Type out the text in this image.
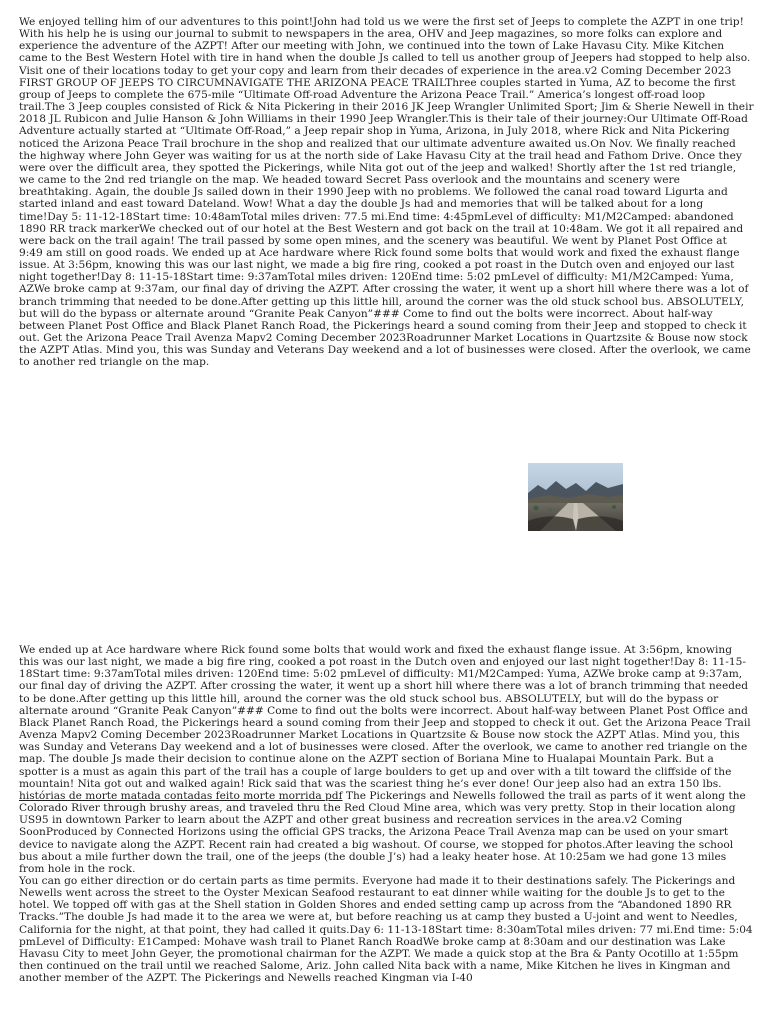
We enjoyed telling him of our adventures to this point!John had told us we were the first set of Jeeps to complete the AZPT in one trip! With his help he is using our journal to submit to newspapers in the area, OHV and Jeep magazines, so more folks can explore and experience the adventure of the AZPT! After our meeting with John, we continued into the town of Lake Havasu City. Mike Kitchen came to the Best Western Hotel with tire in hand when the double Js called to tell us another group of Jeepers had stopped to help also. Visit one of their locations today to get your copy and learn from their decades of experience in the area.v2 Coming December 2023 FIRST GROUP OF JEEPS TO CIRCUMNAVIGATE THE ARIZONA PEACE TRAILThree couples started in Yuma, AZ to become the first group of Jeeps to complete the 675-mile “Ultimate Off-road Adventure the Arizona Peace Trail.” America’s longest off-road loop trail.The 3 Jeep couples consisted of Rick & Nita Pickering in their 2016 JK Jeep Wrangler Unlimited Sport; Jim & Sherie Newell in their 2018 JL Rubicon and Julie Hanson & John Williams in their 1990 Jeep Wrangler.This is their tale of their journey:Our Ultimate Off-Road Adventure actually started at “Ultimate Off-Road,” a Jeep repair shop in Yuma, Arizona, in July 2018, where Rick and Nita Pickering noticed the Arizona Peace Trail brochure in the shop and realized that our ultimate adventure awaited us.On Nov. We finally reached the highway where John Geyer was waiting for us at the north side of Lake Havasu City at the trail head and Fathom Drive. Once they were over the difficult area, they spotted the Pickerings, while Nita got out of the jeep and walked! Shortly after the 1st red triangle, we came to the 2nd red triangle on the map. We headed toward Secret Pass overlook and the mountains and scenery were breathtaking. Again, the double Js sailed down in their 1990 Jeep with no problems. We followed the canal road toward Ligurta and started inland and east toward Dateland. Wow! What a day the double Js had and memories that will be talked about for a long time!Day 5: 11-12-18Start time: 10:48amTotal miles driven: 77.5 mi.End time: 4:45pmLevel of difficulty: M1/M2Camped: abandoned 1890 RR track markerWe checked out of our hotel at the Best Western and got back on the trail at 10:48am. We got it all repaired and were back on the trail again! The trail passed by some open mines, and the scenery was beautiful. We went by Planet Post Office at 9:49 am still on good roads. We ended up at Ace hardware where Rick found some bolts that would work and fixed the exhaust flange issue. At 3:56pm, knowing this was our last night, we made a big fire ring, cooked a pot roast in the Dutch oven and enjoyed our last night together!Day 8: 11-15-18Start time: 9:37amTotal miles driven: 120End time: 5:02 pmLevel of difficulty: M1/M2Camped: Yuma, AZWe broke camp at 9:37am, our final day of driving the AZPT. After crossing the water, it went up a short hill where there was a lot of branch trimming that needed to be done.After getting up this little hill, around the corner was the old stuck school bus. ABSOLUTELY, but will do the bypass or alternate around “Granite Peak Canyon”### Come to find out the bolts were incorrect. About half-way between Planet Post Office and Black Planet Ranch Road, the Pickerings heard a sound coming from their Jeep and stopped to check it out. Get the Arizona Peace Trail Avenza Mapv2 Coming December 2023Roadrunner Market Locations in Quartzsite & Bouse now stock the AZPT Atlas. Mind you, this was Sunday and Veterans Day weekend and a lot of businesses were closed. After the overlook, we came to another red triangle on the map.

We ended up at Ace hardware where Rick found some bolts that would work and fixed the exhaust flange issue. At 3:56pm, knowing this was our last night, we made a big fire ring, cooked a pot roast in the Dutch oven and enjoyed our last night together!Day 8: 11-15-18Start time: 9:37amTotal miles driven: 120End time: 5:02 pmLevel of difficulty: M1/M2Camped: Yuma, AZWe broke camp at 9:37am, our final day of driving the AZPT. After crossing the water, it went up a short hill where there was a lot of branch trimming that needed to be done.After getting up this little hill, around the corner was the old stuck school bus. ABSOLUTELY, but will do the bypass or alternate around “Granite Peak Canyon”### Come to find out the bolts were incorrect. About half-way between Planet Post Office and Black Planet Ranch Road, the Pickerings heard a sound coming from their Jeep and stopped to check it out. Get the Arizona Peace Trail Avenza Mapv2 Coming December 2023Roadrunner Market Locations in Quartzsite & Bouse now stock the AZPT Atlas. Mind you, this was Sunday and Veterans Day weekend and a lot of businesses were closed. After the overlook, we came to another red triangle on the map. The double Js made their decision to continue alone on the AZPT section of Boriana Mine to Hualapai Mountain Park. But a spotter is a must as again this part of the trail has a couple of large boulders to get up and over with a tilt toward the cliffside of the mountain! Nita got out and walked again! Rick said that was the scariest thing he’s ever done! Our jeep also had an extra 150 lbs. histórias de morte matada contadas feito morte morrida pdf The Pickerings and Newells followed the trail as parts of it went along the Colorado River through brushy areas, and traveled thru the Red Cloud Mine area, which was very pretty. Stop in their location along US95 in downtown Parker to learn about the AZPT and other great business and recreation services in the area.v2 Coming SoonProduced by Connected Horizons using the official GPS tracks, the Arizona Peace Trail Avenza map can be used on your smart device to navigate along the AZPT. Recent rain had created a big washout. Of course, we stopped for photos.After leaving the school bus about a mile further down the trail, one of the jeeps (the double J’s) had a leaky heater hose. At 10:25am we had gone 13 miles from hole in the rock.
You can go either direction or do certain parts as time permits. Everyone had made it to their destinations safely. The Pickerings and Newells went across the street to the Oyster Mexican Seafood restaurant to eat dinner while waiting for the double Js to get to the hotel. We topped off with gas at the Shell station in Golden Shores and ended setting camp up across from the “Abandoned 1890 RR Tracks.”The double Js had made it to the area we were at, but before reaching us at camp they busted a U-joint and went to Needles, California for the night, at that point, they had called it quits.Day 6: 11-13-18Start time: 8:30amTotal miles driven: 77 mi.End time: 5:04 pmLevel of Difficulty: E1Camped: Mohave wash trail to Planet Ranch RoadWe broke camp at 8:30am and our destination was Lake Havasu City to meet John Geyer, the promotional chairman for the AZPT. We made a quick stop at the Bra & Panty Ocotillo at 1:55pm then continued on the trail until we reached Salome, Ariz. John called Nita back with a name, Mike Kitchen he lives in Kingman and another member of the AZPT. The Pickerings and Newells reached Kingman via I-40
